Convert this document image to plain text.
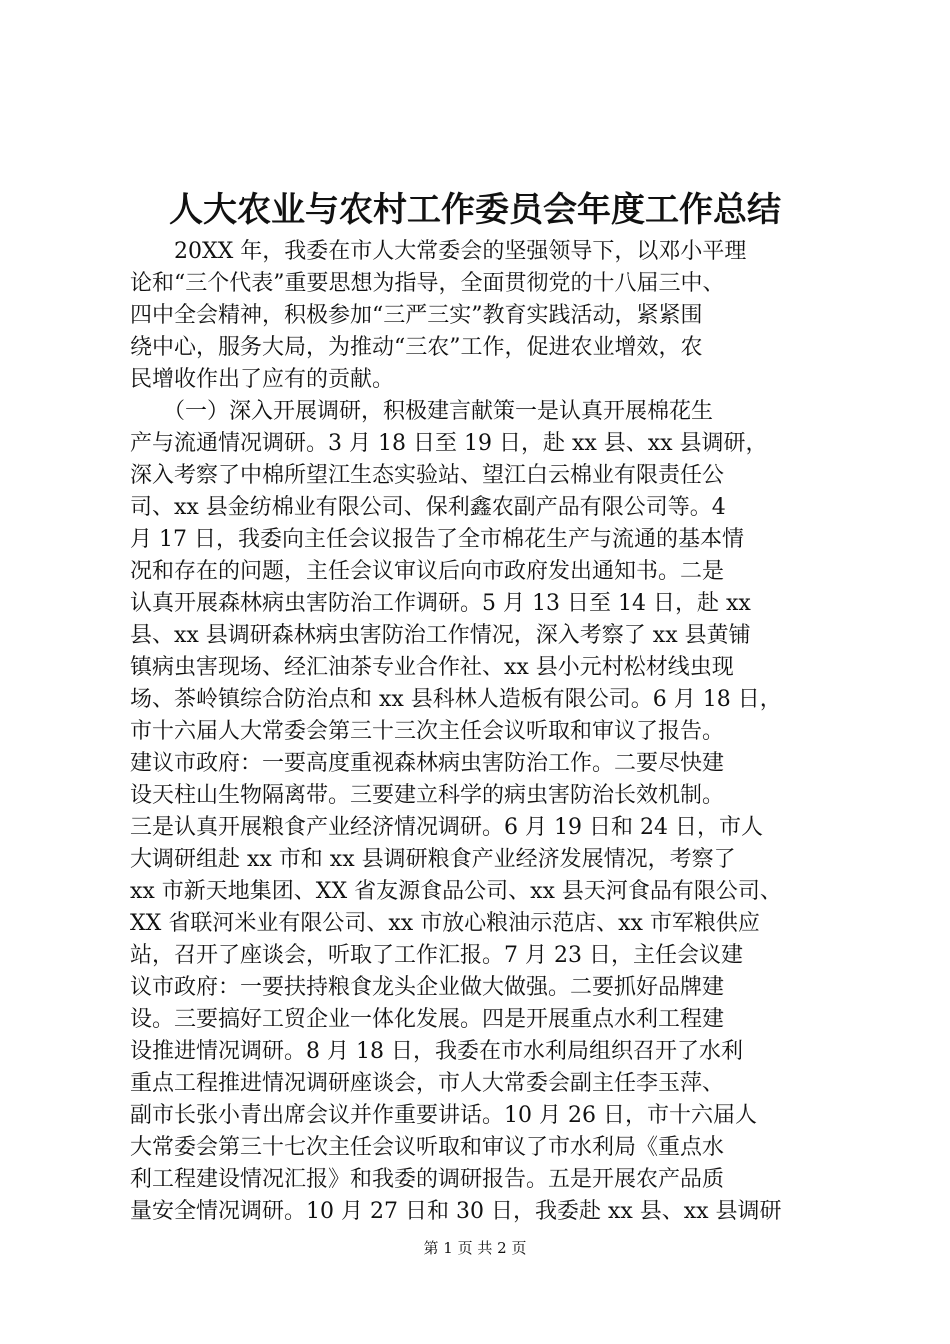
人大农业与农村工作委员会年度工作总结
　　20XX 年，我委在市人大常委会的坚强领导下，以邓小平理
论和“三个代表”重要思想为指导，全面贯彻党的十八届三中、
四中全会精神，积极参加“三严三实”教育实践活动，紧紧围
绕中心，服务大局，为推动“三农”工作，促进农业增效，农
民增收作出了应有的贡献。
　　（一）深入开展调研，积极建言献策一是认真开展棉花生
产与流通情况调研。3 月 18 日至 19 日，赴 xx 县、xx 县调研，
深入考察了中棉所望江生态实验站、望江白云棉业有限责任公
司、xx 县金纺棉业有限公司、保利鑫农副产品有限公司等。4
月 17 日，我委向主任会议报告了全市棉花生产与流通的基本情
况和存在的问题，主任会议审议后向市政府发出通知书。二是
认真开展森林病虫害防治工作调研。5 月 13 日至 14 日，赴 xx
县、xx 县调研森林病虫害防治工作情况，深入考察了 xx 县黄铺
镇病虫害现场、经汇油茶专业合作社、xx 县小元村松材线虫现
场、茶岭镇综合防治点和 xx 县科林人造板有限公司。6 月 18 日，
市十六届人大常委会第三十三次主任会议听取和审议了报告。
建议市政府：一要高度重视森林病虫害防治工作。二要尽快建
设天柱山生物隔离带。三要建立科学的病虫害防治长效机制。
三是认真开展粮食产业经济情况调研。6 月 19 日和 24 日，市人
大调研组赴 xx 市和 xx 县调研粮食产业经济发展情况，考察了
xx 市新天地集团、XX 省友源食品公司、xx 县天河食品有限公司、
XX 省联河米业有限公司、xx 市放心粮油示范店、xx 市军粮供应
站，召开了座谈会，听取了工作汇报。7 月 23 日，主任会议建
议市政府：一要扶持粮食龙头企业做大做强。二要抓好品牌建
设。三要搞好工贸企业一体化发展。四是开展重点水利工程建
设推进情况调研。8 月 18 日，我委在市水利局组织召开了水利
重点工程推进情况调研座谈会，市人大常委会副主任李玉萍、
副市长张小青出席会议并作重要讲话。10 月 26 日，市十六届人
大常委会第三十七次主任会议听取和审议了市水利局《重点水
利工程建设情况汇报》和我委的调研报告。五是开展农产品质
量安全情况调研。10 月 27 日和 30 日，我委赴 xx 县、xx 县调研
第 1 页 共 2 页
